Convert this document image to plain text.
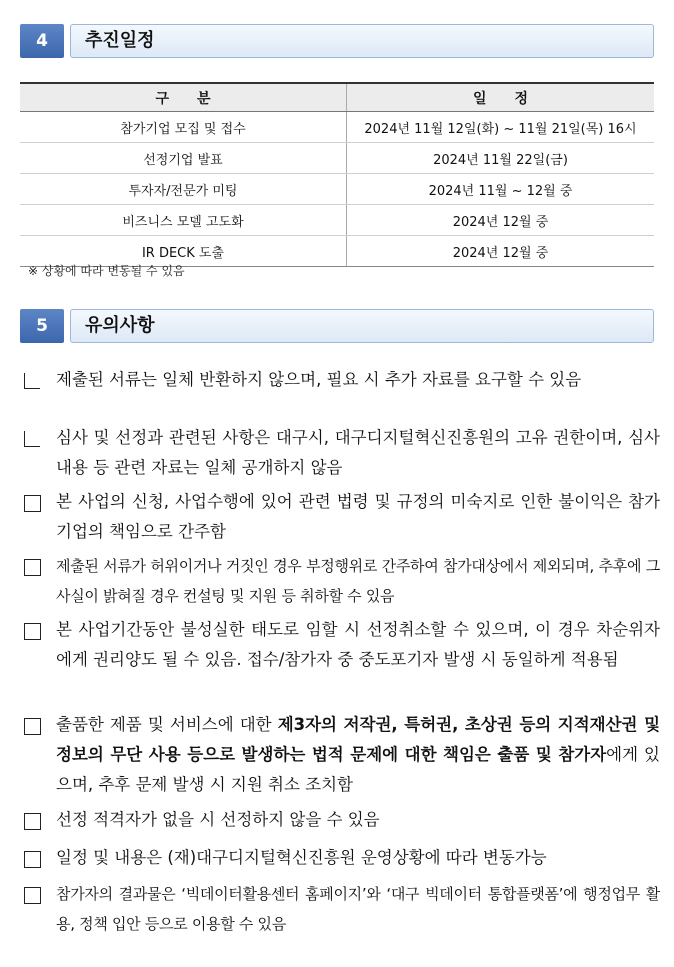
4	추진일정
구　　분	일　　정
참가기업 모집 및 접수	2024년 11월 12일(화) ~ 11월 21일(목) 16시
선정기업 발표	2024년 11월 22일(금)
투자자/전문가 미팅	2024년 11월 ~ 12월 중
비즈니스 모델 고도화	2024년 12월 중
IR DECK 도출	2024년 12월 중
※ 상황에 따라 변동될 수 있음
5	유의사항
제출된 서류는 일체 반환하지 않으며, 필요 시 추가 자료를 요구할 수 있음
심사 및 선정과 관련된 사항은 대구시, 대구디지털혁신진흥원의 고유 권한이며, 심사내용 등 관련 자료는 일체 공개하지 않음
본 사업의 신청, 사업수행에 있어 관련 법령 및 규정의 미숙지로 인한 불이익은 참가기업의 책임으로 간주함
제출된 서류가 허위이거나 거짓인 경우 부정행위로 간주하여 참가대상에서 제외되며, 추후에 그 사실이 밝혀질 경우 컨설팅 및 지원 등 취하할 수 있음
본 사업기간동안 불성실한 태도로 임할 시 선정취소할 수 있으며, 이 경우 차순위자에게 권리양도 될 수 있음. 접수/참가자 중 중도포기자 발생 시 동일하게 적용됨
출품한 제품 및 서비스에 대한 제3자의 저작권, 특허권, 초상권 등의 지적재산권 및 정보의 무단 사용 등으로 발생하는 법적 문제에 대한 책임은 출품 및 참가자에게 있으며, 추후 문제 발생 시 지원 취소 조치함
선정 적격자가 없을 시 선정하지 않을 수 있음
일정 및 내용은 (재)대구디지털혁신진흥원 운영상황에 따라 변동가능
참가자의 결과물은 ‘빅데이터활용센터 홈페이지’와 ‘대구 빅데이터 통합플랫폼’에 행정업무 활용, 정책 입안 등으로 이용할 수 있음
